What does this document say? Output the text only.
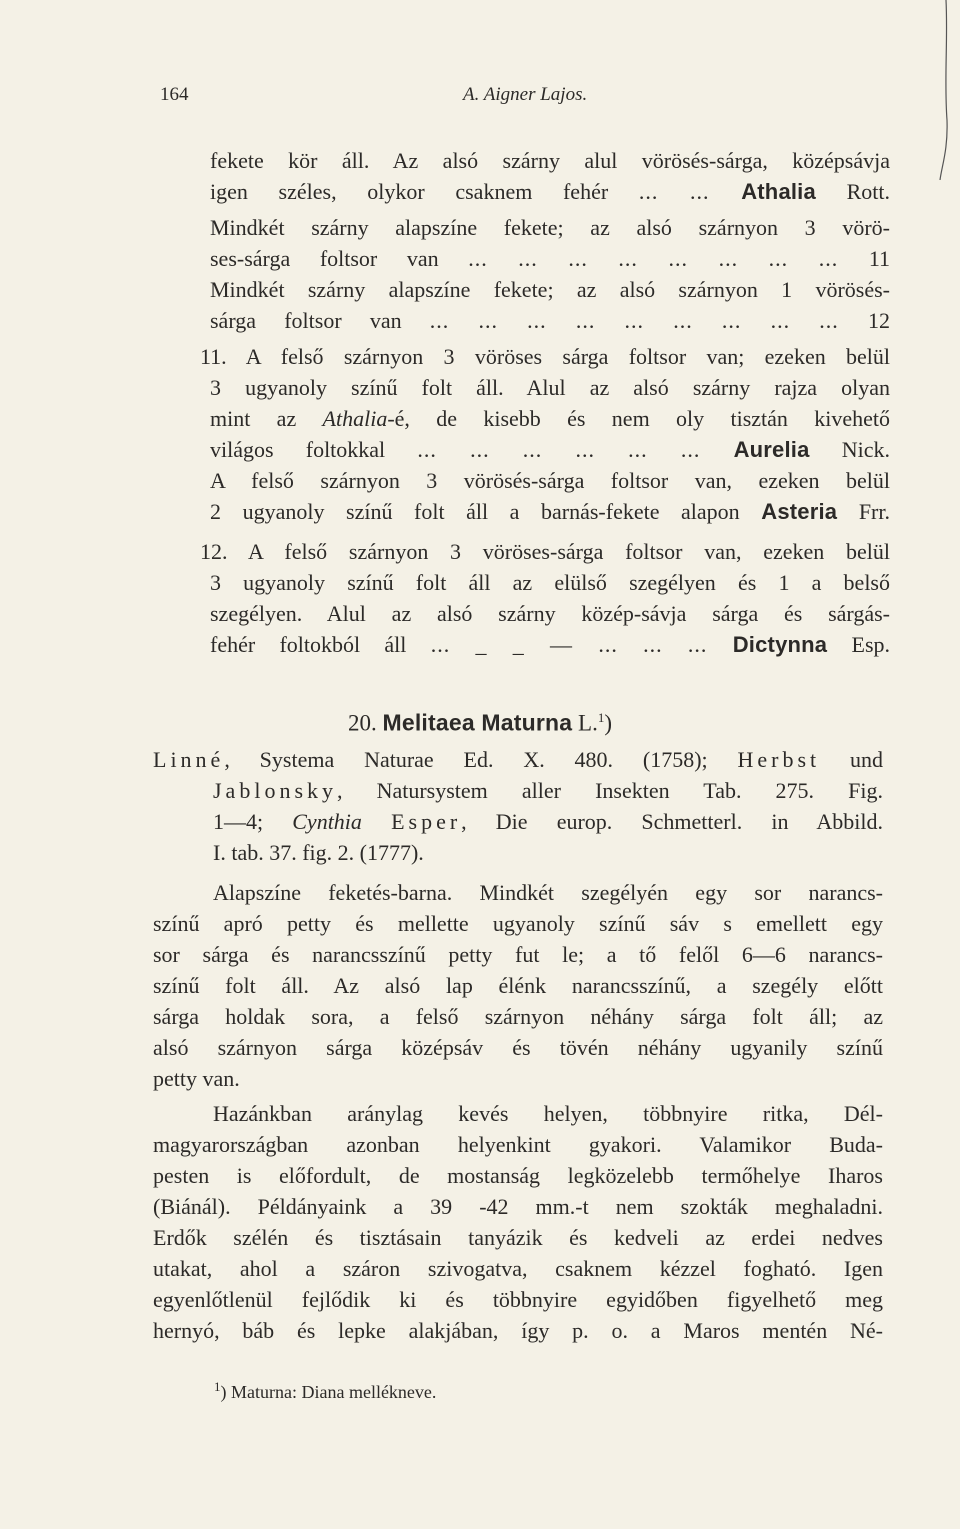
164	A. Aigner Lajos.
fekete kör áll. Az alsó szárny alul vörösés-sárga, középsávja
igen széles, olykor csaknem fehér ... ... Athalia Rott.
Mindkét szárny alapszíne fekete; az alsó szárnyon 3 vörö-
ses-sárga foltsor van ... ... ... ... ... ... ... ... 11
Mindkét szárny alapszíne fekete; az alsó szárnyon 1 vörösés-
sárga foltsor van ... ... ... ... ... ... ... ... ... 12
11. A felső szárnyon 3 vöröses sárga foltsor van; ezeken belül
3 ugyanoly színű folt áll. Alul az alsó szárny rajza olyan
mint az Athalia-é, de kisebb és nem oly tisztán kivehető
világos foltokkal ... ... ... ... ... ... Aurelia Nick.
A felső szárnyon 3 vörösés-sárga foltsor van, ezeken belül
2 ugyanoly színű folt áll a barnás-fekete alapon Asteria Frr.
12. A felső szárnyon 3 vöröses-sárga foltsor van, ezeken belül
3 ugyanoly színű folt áll az elülső szegélyen és 1 a belső
szegélyen. Alul az alsó szárny közép-sávja sárga és sárgás-
fehér foltokból áll ... _ _ — ... ... ... Dictynna Esp.
20. Melitaea Maturna L.$^1$)
Linné, Systema Naturae Ed. X. 480. (1758); Herbst und
Jablonsky, Natursystem aller Insekten Tab. 275. Fig.
1—4; Cynthia Esper, Die europ. Schmetterl. in Abbild.
I. tab. 37. fig. 2. (1777).
Alapszíne feketés-barna. Mindkét szegélyén egy sor narancs-
színű apró petty és mellette ugyanoly színű sáv s emellett egy
sor sárga és narancsszínű petty fut le; a tő felől 6—6 narancs-
színű folt áll. Az alsó lap élénk narancsszínű, a szegély előtt
sárga holdak sora, a felső szárnyon néhány sárga folt áll; az
alsó szárnyon sárga középsáv és tövén néhány ugyanily színű
petty van.
Hazánkban aránylag kevés helyen, többnyire ritka, Dél-
magyarországban azonban helyenkint gyakori. Valamikor Buda-
pesten is előfordult, de mostanság legközelebb termőhelye Iharos
(Biánál). Példányaink a 39 -42 mm.-t nem szokták meghaladni.
Erdők szélén és tisztásain tanyázik és kedveli az erdei nedves
utakat, ahol a száron szivogatva, csaknem kézzel fogható. Igen
egyenlőtlenül fejlődik ki és többnyire egyidőben figyelhető meg
hernyó, báb és lepke alakjában, így p. o. a Maros mentén Né-
$^1$) Maturna: Diana mellékneve.
